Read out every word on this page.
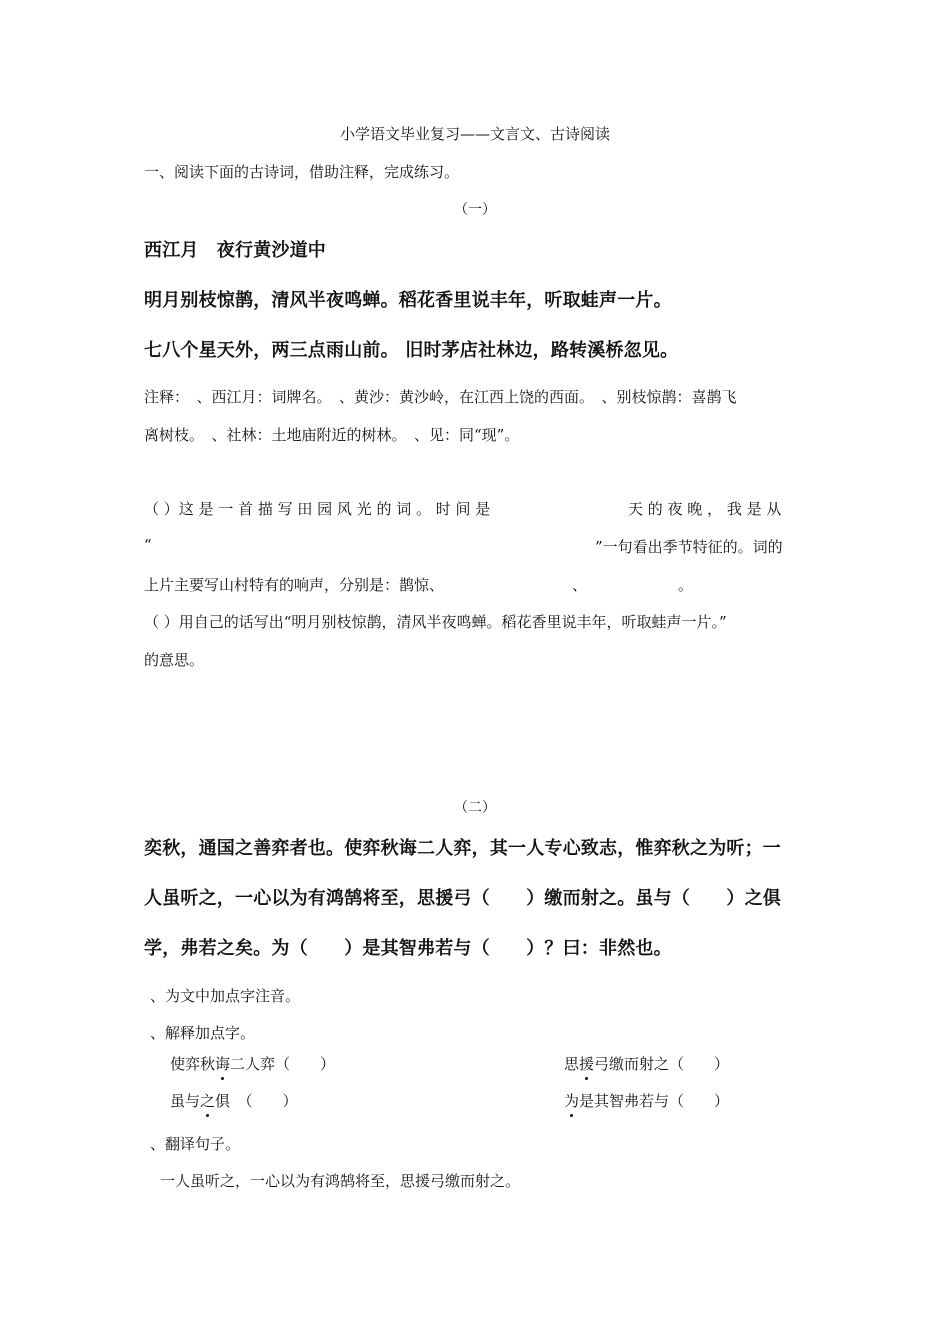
小学语文毕业复习——文言文、古诗阅读
一、阅读下面的古诗词，借助注释，完成练习。
（一）
西江月　夜行黄沙道中
明月别枝惊鹊，清风半夜鸣蝉。稻花香里说丰年，听取蛙声一片。
七八个星天外，两三点雨山前。 旧时茅店社林边，路转溪桥忽见。
注释：　、西江月：词牌名。　、黄沙：黄沙岭，在江西上饶的西面。　、别枝惊鹊：喜鹊飞
离树枝。　、社林：土地庙附近的树林。　、见：同“现”。
（ ）这 是 一 首 描 写 田 园 风 光 的 词 。 时 间 是	天 的 夜 晚 ， 我 是 从
“	”一句看出季节特征的。词的
上片主要写山村特有的响声，分别是：鹊惊、	、	。
（ ）用自己的话写出“明月别枝惊鹊，清风半夜鸣蝉。稻花香里说丰年，听取蛙声一片。”
的意思。
（二）
奕秋，通国之善弈者也。使弈秋诲二人弈，其一人专心致志，惟弈秋之为听；一
人虽听之，一心以为有鸿鹄将至，思援弓（　　）缴而射之。虽与（　　）之俱
学，弗若之矣。为（　　）是其智弗若与（　　）？曰：非然也。
、为文中加点字注音。
、解释加点字。
使弈秋诲二人弈（　　）	思援弓缴而射之（　　）
虽与之俱　（　　）	为是其智弗若与（　　）
、翻译句子。
一人虽听之，一心以为有鸿鹄将至，思援弓缴而射之。
